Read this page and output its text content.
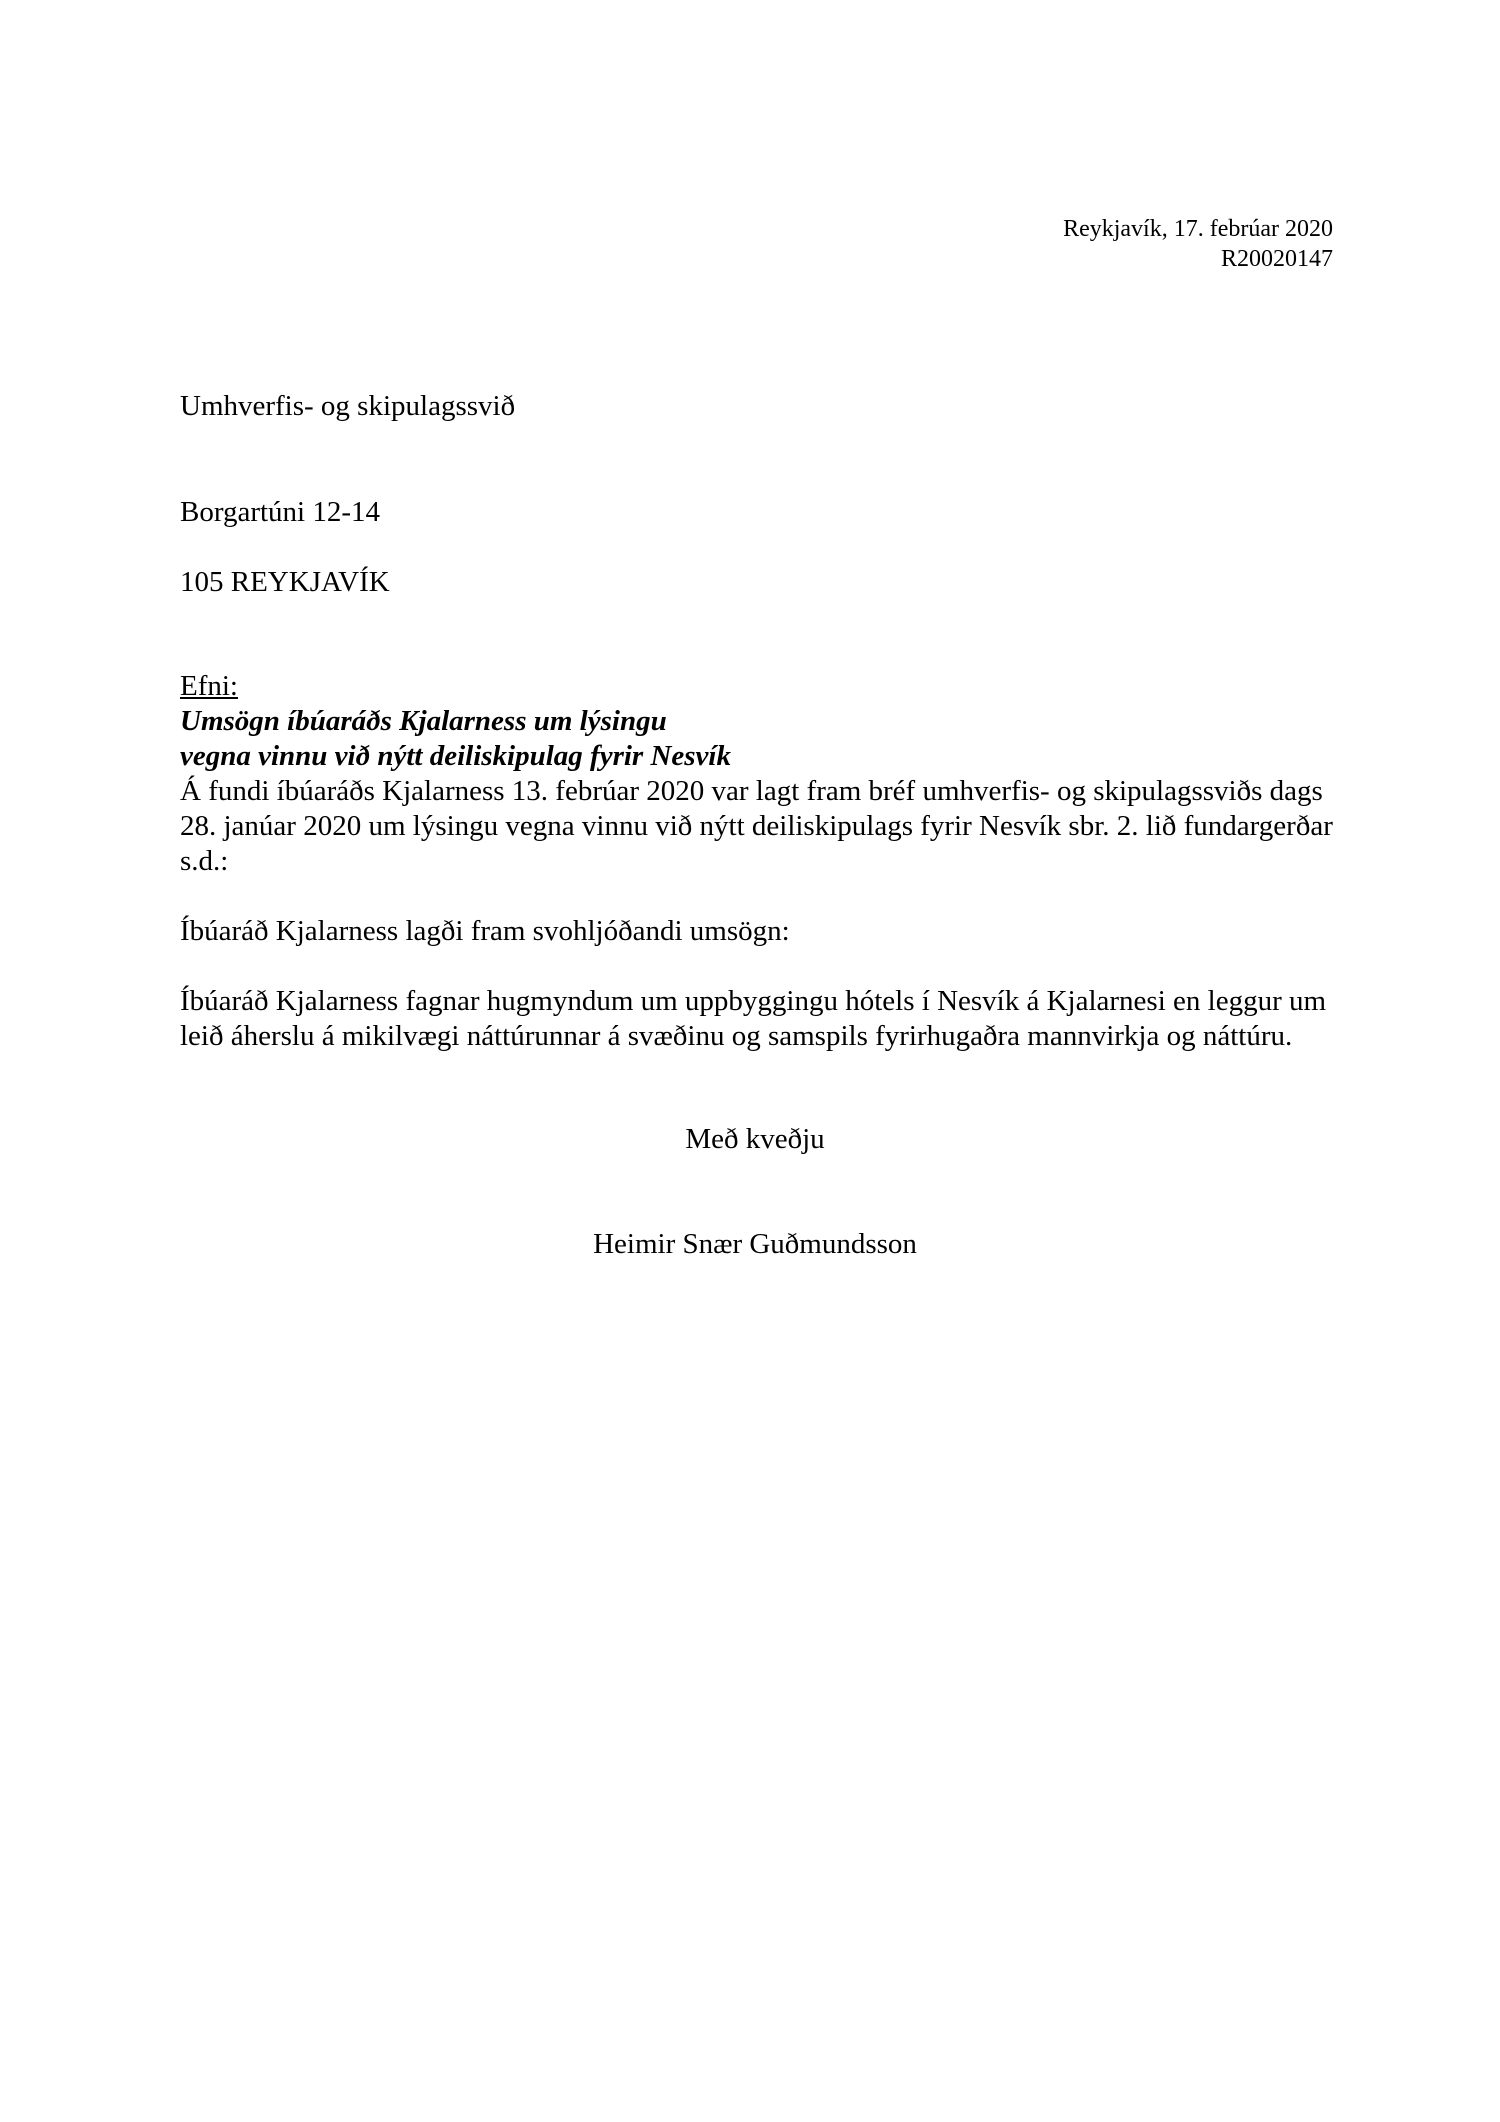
Reykjavík, 17. febrúar 2020
R20020147
Umhverfis- og skipulagssvið
Borgartúni 12-14
105 REYKJAVÍK
Efni:
Umsögn íbúaráðs Kjalarness um lýsingu
vegna vinnu við nýtt deiliskipulag fyrir Nesvík

Á fundi íbúaráðs Kjalarness 13. febrúar 2020 var lagt fram bréf umhverfis- og skipulagssviðs dags 28. janúar 2020 um lýsingu vegna vinnu við nýtt deiliskipulags fyrir Nesvík sbr. 2. lið fundargerðar s.d.:

Íbúaráð Kjalarness lagði fram svohljóðandi umsögn:

Íbúaráð Kjalarness fagnar hugmyndum um uppbyggingu hótels í Nesvík á Kjalarnesi en leggur um leið áherslu á mikilvægi náttúrunnar á svæðinu og samspils fyrirhugaðra mannvirkja og náttúru.

Með kveðju
Heimir Snær Guðmundsson
